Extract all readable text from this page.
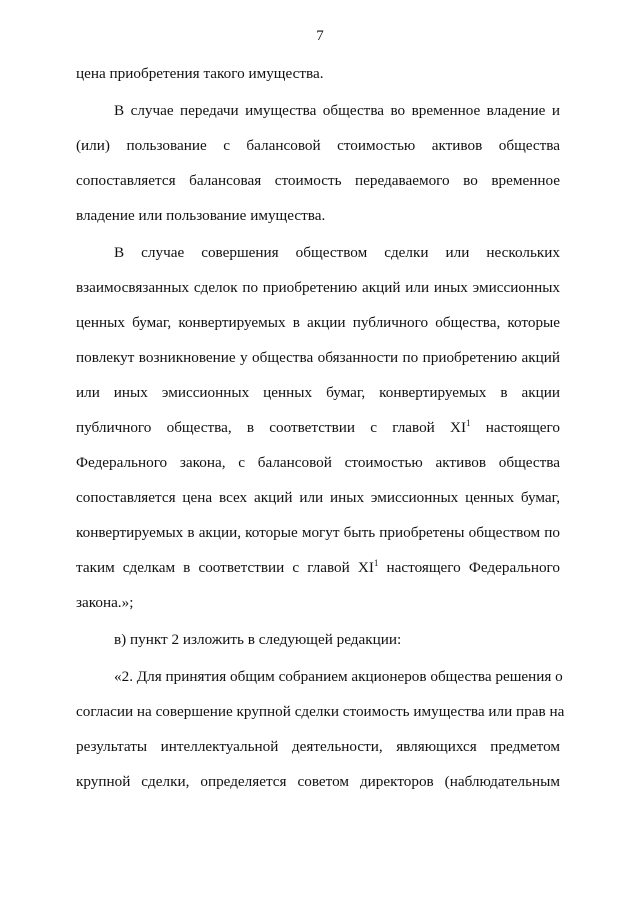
7
цена приобретения такого имущества.
В случае передачи имущества общества во временное владение и
(или) пользование с балансовой стоимостью активов общества
сопоставляется балансовая стоимость передаваемого во временное
владение или пользование имущества.
В случае совершения обществом сделки или нескольких
взаимосвязанных сделок по приобретению акций или иных эмиссионных
ценных бумаг, конвертируемых в акции публичного общества, которые
повлекут возникновение у общества обязанности по приобретению акций
или иных эмиссионных ценных бумаг, конвертируемых в акции
публичного общества, в соответствии с главой $XI^1$ настоящего
Федерального закона, с балансовой стоимостью активов общества
сопоставляется цена всех акций или иных эмиссионных ценных бумаг,
конвертируемых в акции, которые могут быть приобретены обществом по
таким сделкам в соответствии с главой $XI^1$ настоящего Федерального
закона.»;
в) пункт 2 изложить в следующей редакции:
«2. Для принятия общим собранием акционеров общества решения о
согласии на совершение крупной сделки стоимость имущества или прав на
результаты интеллектуальной деятельности, являющихся предметом
крупной сделки, определяется советом директоров (наблюдательным
